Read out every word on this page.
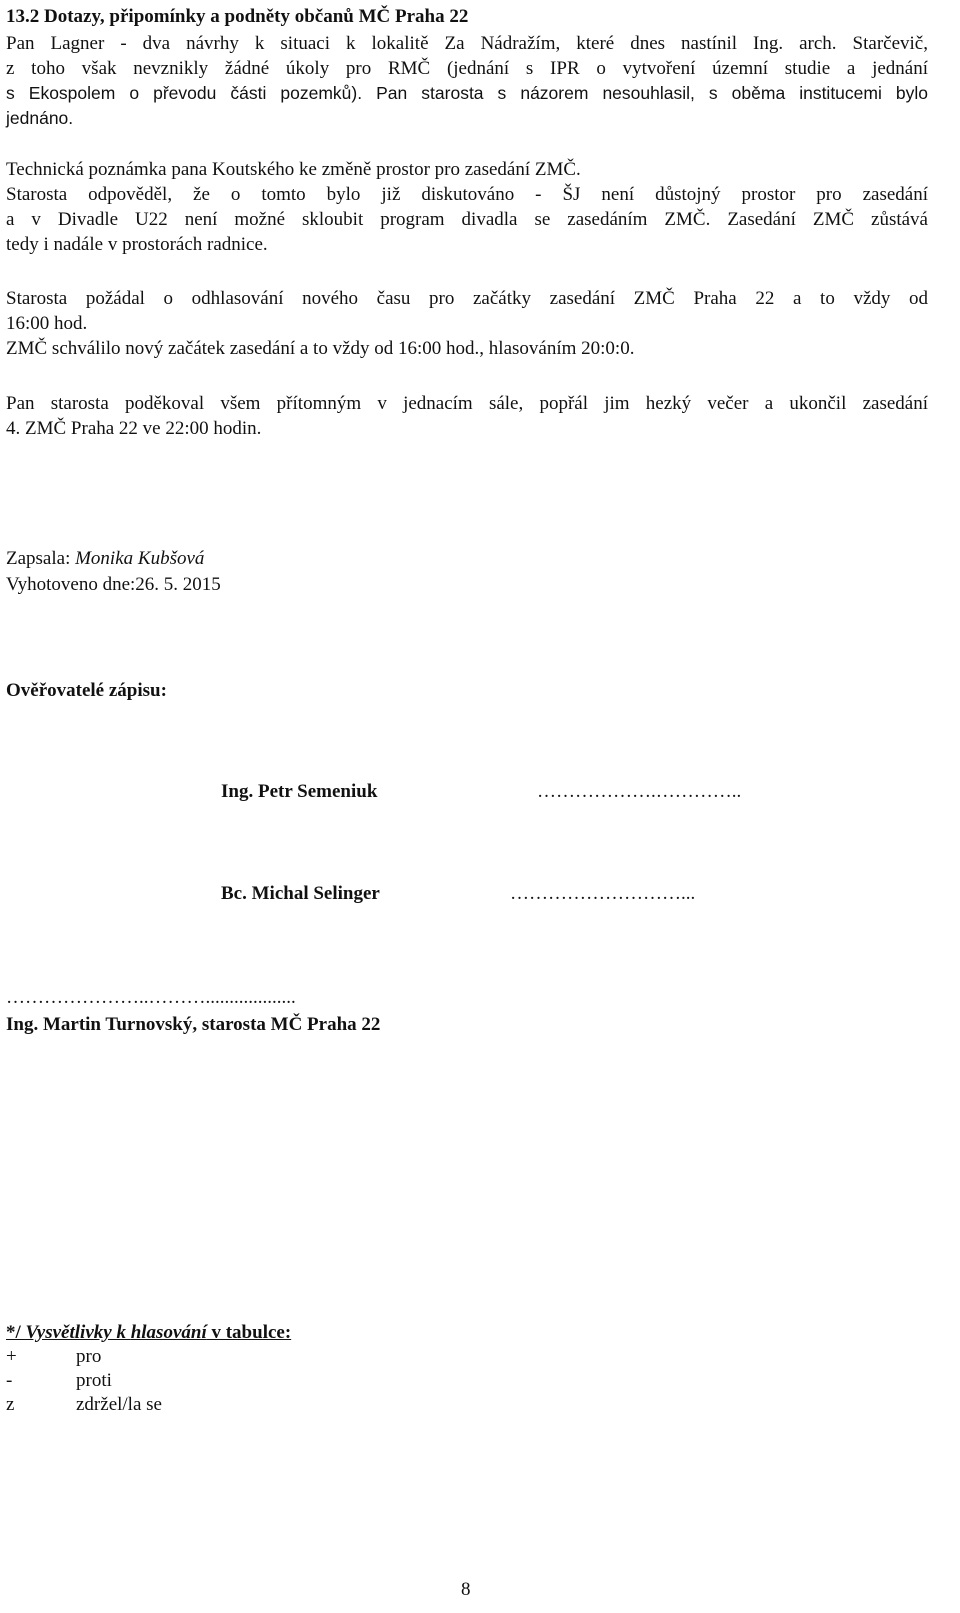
13.2 Dotazy, připomínky a podněty občanů MČ Praha 22
Pan Lagner - dva návrhy k situaci k lokalitě Za Nádražím, které dnes nastínil Ing. arch. Starčevič,
z toho však nevznikly žádné úkoly pro RMČ (jednání s IPR o vytvoření územní studie a jednání
s Ekospolem o převodu části pozemků). Pan starosta s názorem nesouhlasil, s oběma institucemi bylo
jednáno.
Technická poznámka pana Koutského ke změně prostor pro zasedání ZMČ.
Starosta odpověděl, že o tomto bylo již diskutováno - ŠJ není důstojný prostor pro zasedání
a v Divadle U22 není možné skloubit program divadla se zasedáním ZMČ. Zasedání ZMČ zůstává
tedy i nadále v prostorách radnice.
Starosta požádal o odhlasování nového času pro začátky zasedání ZMČ Praha 22 a to vždy od
16:00 hod.
ZMČ schválilo nový začátek zasedání a to vždy od 16:00 hod., hlasováním 20:0:0.
Pan starosta poděkoval všem přítomným v jednacím sále, popřál jim hezký večer a ukončil zasedání
4. ZMČ Praha 22 ve 22:00 hodin.
Zapsala: Monika Kubšová
Vyhotoveno dne:26. 5. 2015
Ověřovatelé zápisu:
Ing. Petr Semeniuk	……………….…………..
Bc. Michal Selinger	………………………...
…………………..………...................
Ing. Martin Turnovský, starosta MČ Praha 22
*/ Vysvětlivky k hlasování v tabulce:
+	pro
-	proti
z	zdržel/la se
8
